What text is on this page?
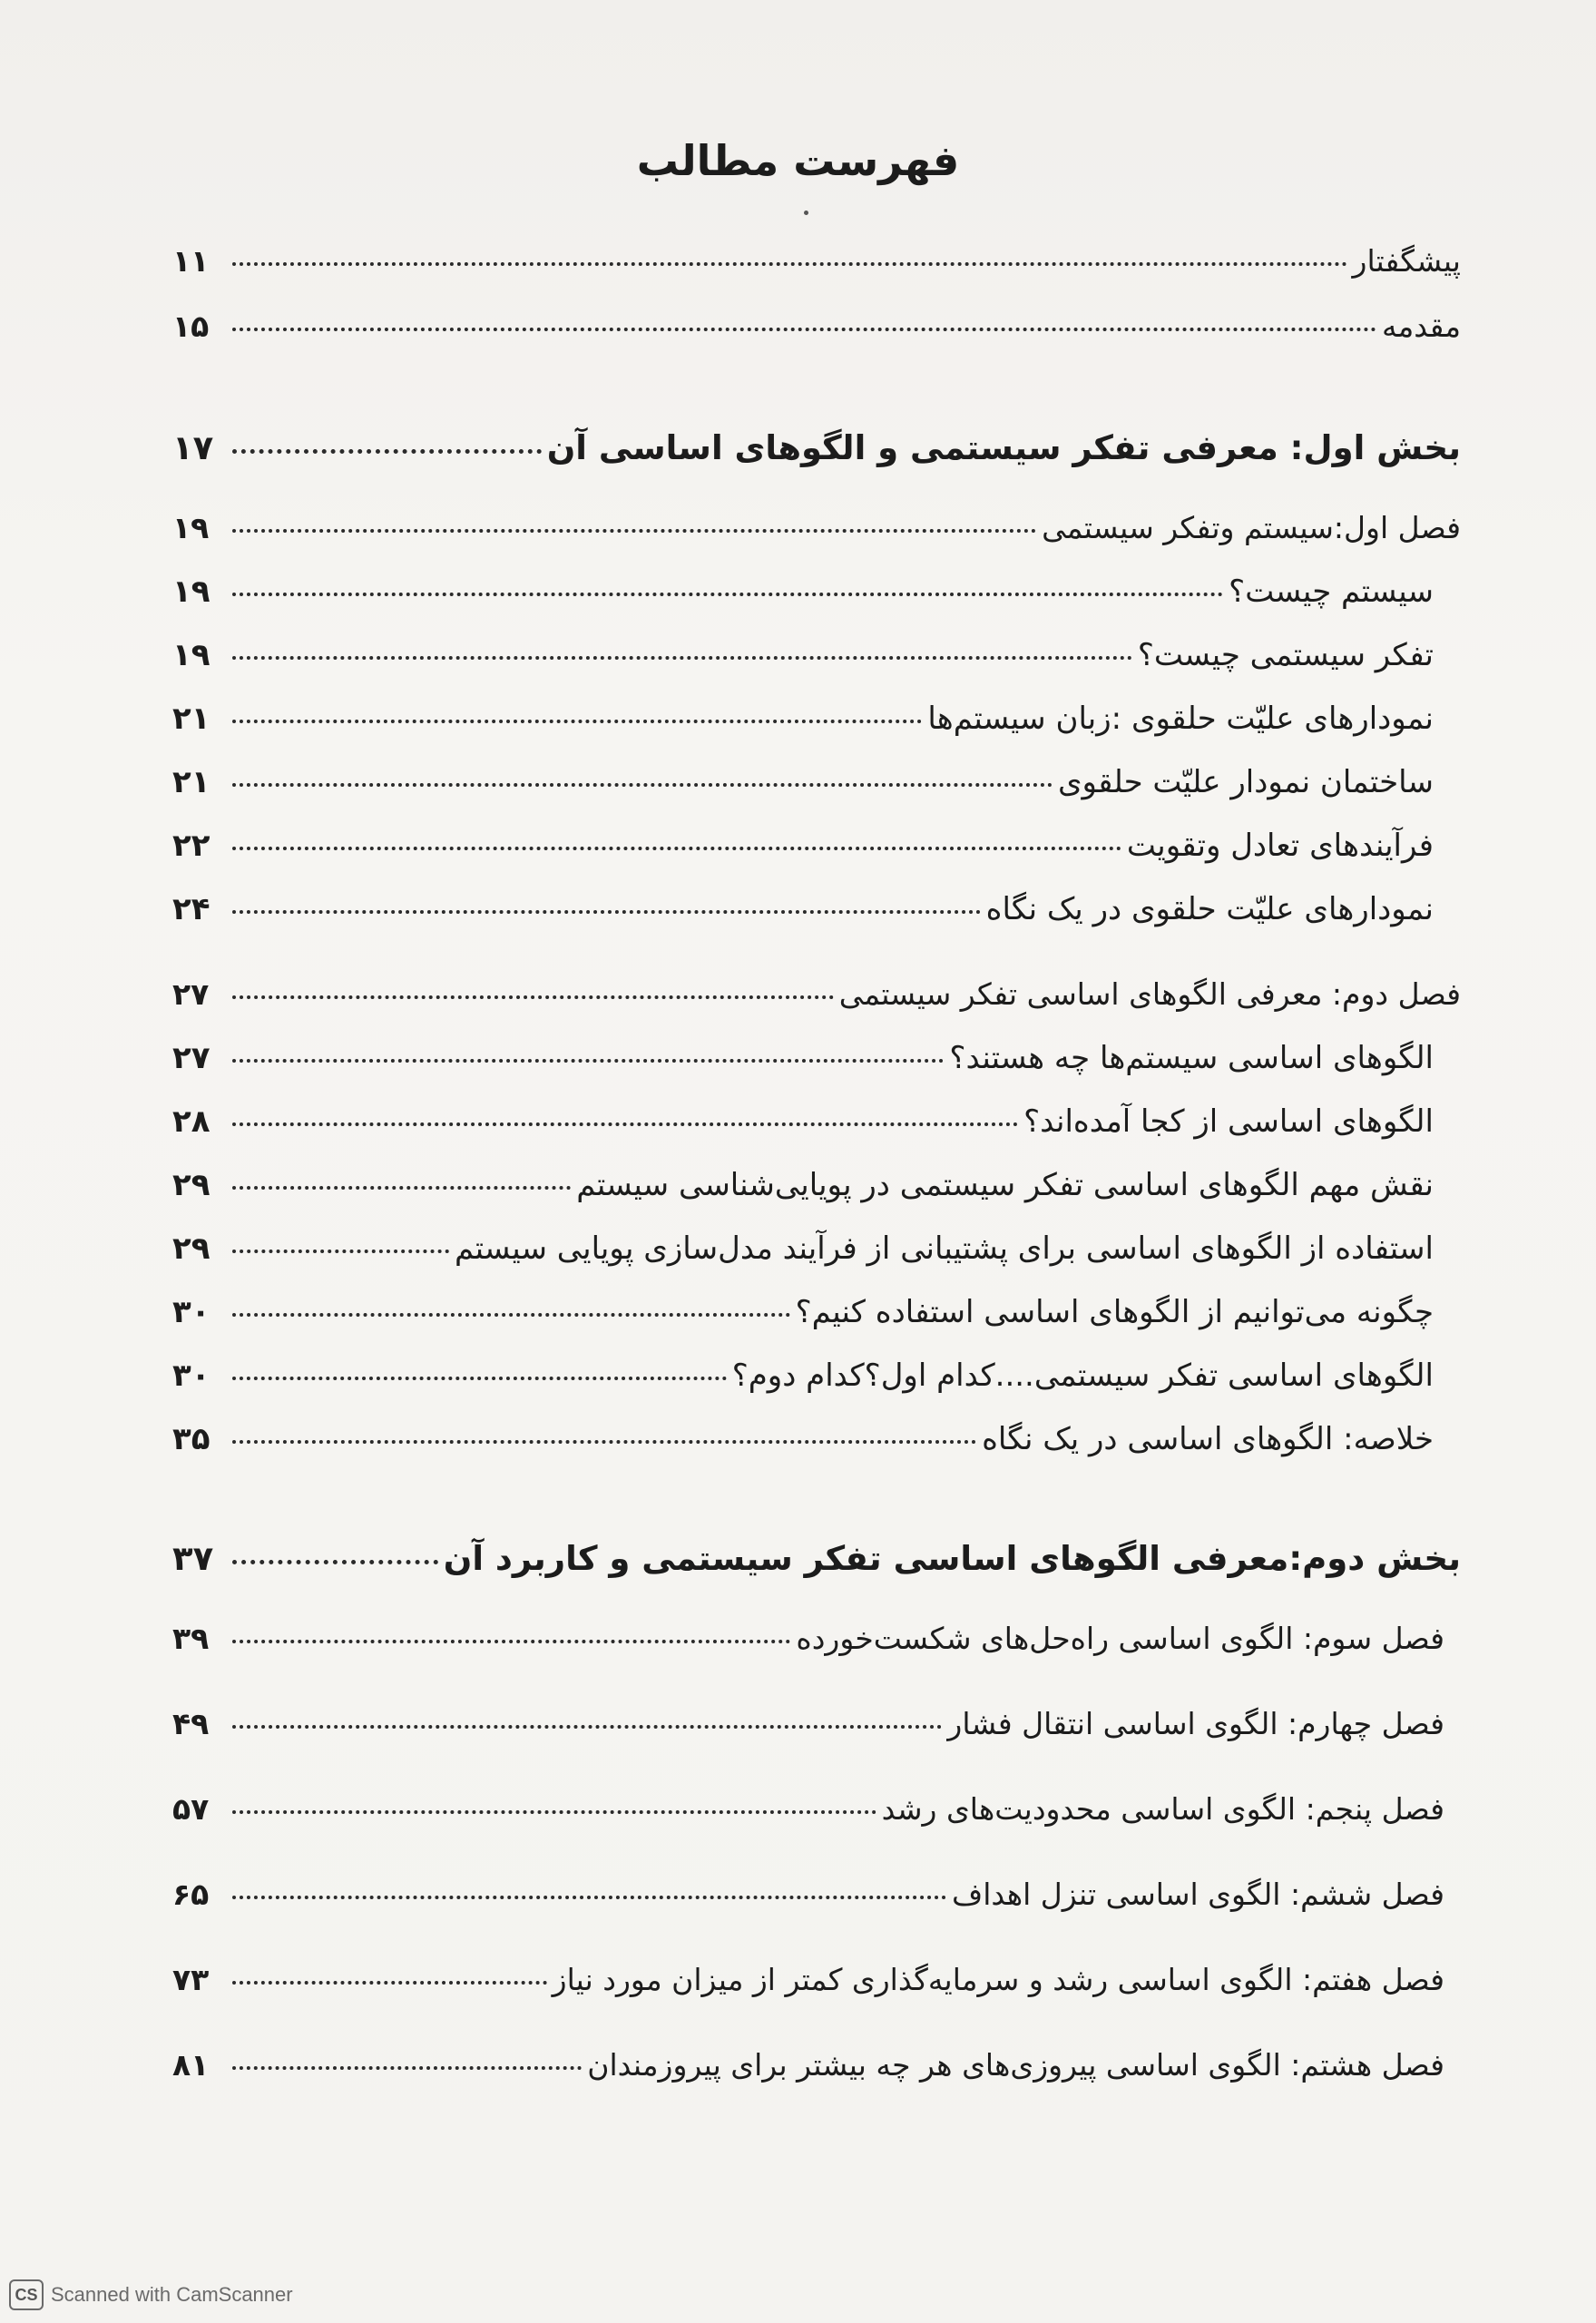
فهرست مطالب
پیشگفتار
۱۱
مقدمه
۱۵
بخش اول: معرفی تفکر سیستمی و الگوهای اساسی آن
۱۷
فصل اول:سیستم وتفکر سیستمی
۱۹
سیستم چیست؟
۱۹
تفکر سیستمی چیست؟
۱۹
نمودارهای علیّت حلقوی :زبان سیستم‌ها
۲۱
ساختمان نمودار علیّت حلقوی
۲۱
فرآیندهای تعادل وتقویت
۲۲
نمودارهای علیّت حلقوی در یک نگاه
۲۴
فصل دوم: معرفی الگوهای اساسی تفکر سیستمی
۲۷
الگوهای اساسی سیستم‌ها چه هستند؟
۲۷
الگوهای اساسی از کجا آمده‌اند؟
۲۸
نقش مهم الگوهای اساسی تفکر سیستمی در پویایی‌شناسی سیستم
۲۹
استفاده از الگوهای اساسی برای پشتیبانی از فرآیند مدل‌سازی پویایی سیستم
۲۹
چگونه می‌توانیم از الگوهای اساسی استفاده کنیم؟
۳۰
الگوهای اساسی تفکر سیستمی....کدام اول؟کدام دوم؟
۳۰
خلاصه: الگوهای اساسی در یک نگاه
۳۵
بخش دوم:معرفی الگوهای اساسی تفکر سیستمی و کاربرد آن
۳۷
فصل سوم: الگوی اساسی راه‌حل‌های شکست‌خورده
۳۹
فصل چهارم: الگوی اساسی انتقال فشار
۴۹
فصل پنجم: الگوی اساسی محدودیت‌های رشد
۵۷
فصل ششم: الگوی اساسی تنزل اهداف
۶۵
فصل هفتم: الگوی اساسی رشد و سرمایه‌گذاری کمتر از میزان مورد نیاز
۷۳
فصل هشتم: الگوی اساسی پیروزی‌های هر چه بیشتر برای پیروزمندان
۸۱
CS Scanned with CamScanner
